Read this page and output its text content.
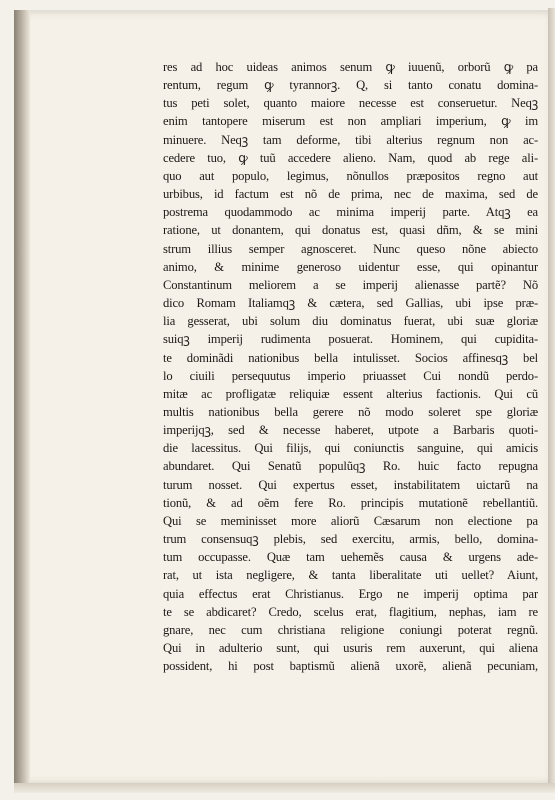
res ad hoc uideas animos senum ꝙ iuuenũ, orborũ ꝙ pa
rentum, regum ꝙ tyrannorꝫ. Q, si tanto conatu domina-
tus peti solet, quanto maiore necesse est conseruetur. Neqꝫ
enim tantopere miserum est non ampliari imperium, ꝙ im
minuere. Neqꝫ tam deforme, tibi alterius regnum non ac-
cedere tuo, ꝙ tuũ accedere alieno. Nam, quod ab rege ali-
quo aut populo, legimus, nõnullos præpositos regno aut
urbibus, id factum est nõ de prima, nec de maxima, sed de
postrema quodammodo ac minima imperij parte. Atqꝫ ea
ratione, ut donantem, qui donatus est, quasi dñm, & se mini
strum illius semper agnosceret. Nunc queso nõne abiecto
animo, & minime generoso uidentur esse, qui opinantur
Constantinum meliorem a se imperij alienasse partẽ? Nõ
dico Romam Italiamqꝫ & cætera, sed Gallias, ubi ipse præ-
lia gesserat, ubi solum diu dominatus fuerat, ubi suæ gloriæ
suiqꝫ imperij rudimenta posuerat. Hominem, qui cupidita-
te dominãdi nationibus bella intulisset. Socios affinesqꝫ bel
lo ciuili persequutus imperio priuasset Cui nondũ perdo-
mitæ ac profligatæ reliquiæ essent alterius factionis. Qui cũ
multis nationibus bella gerere nõ modo soleret spe gloriæ
imperijqꝫ, sed & necesse haberet, utpote a Barbaris quoti-
die lacessitus. Qui filijs, qui coniunctis sanguine, qui amicis
abundaret. Qui Senatũ populũqꝫ Ro. huic facto repugna
turum nosset. Qui expertus esset, instabilitatem uictarũ na
tionũ, & ad oẽm fere Ro. principis mutationẽ rebellantiũ.
Qui se meminisset more aliorũ Cæsarum non electione pa
trum consensuqꝫ plebis, sed exercitu, armis, bello, domina-
tum occupasse. Quæ tam uehemẽs causa & urgens ade-
rat, ut ista negligere, & tanta liberalitate uti uellet? Aiunt,
quia effectus erat Christianus. Ergo ne imperij optima par
te se abdicaret? Credo, scelus erat, flagitium, nephas, iam re
gnare, nec cum christiana religione coniungi poterat regnũ.
Qui in adulterio sunt, qui usuris rem auxerunt, qui aliena
possident, hi post baptismũ alienã uxorẽ, alienã pecuniam,
